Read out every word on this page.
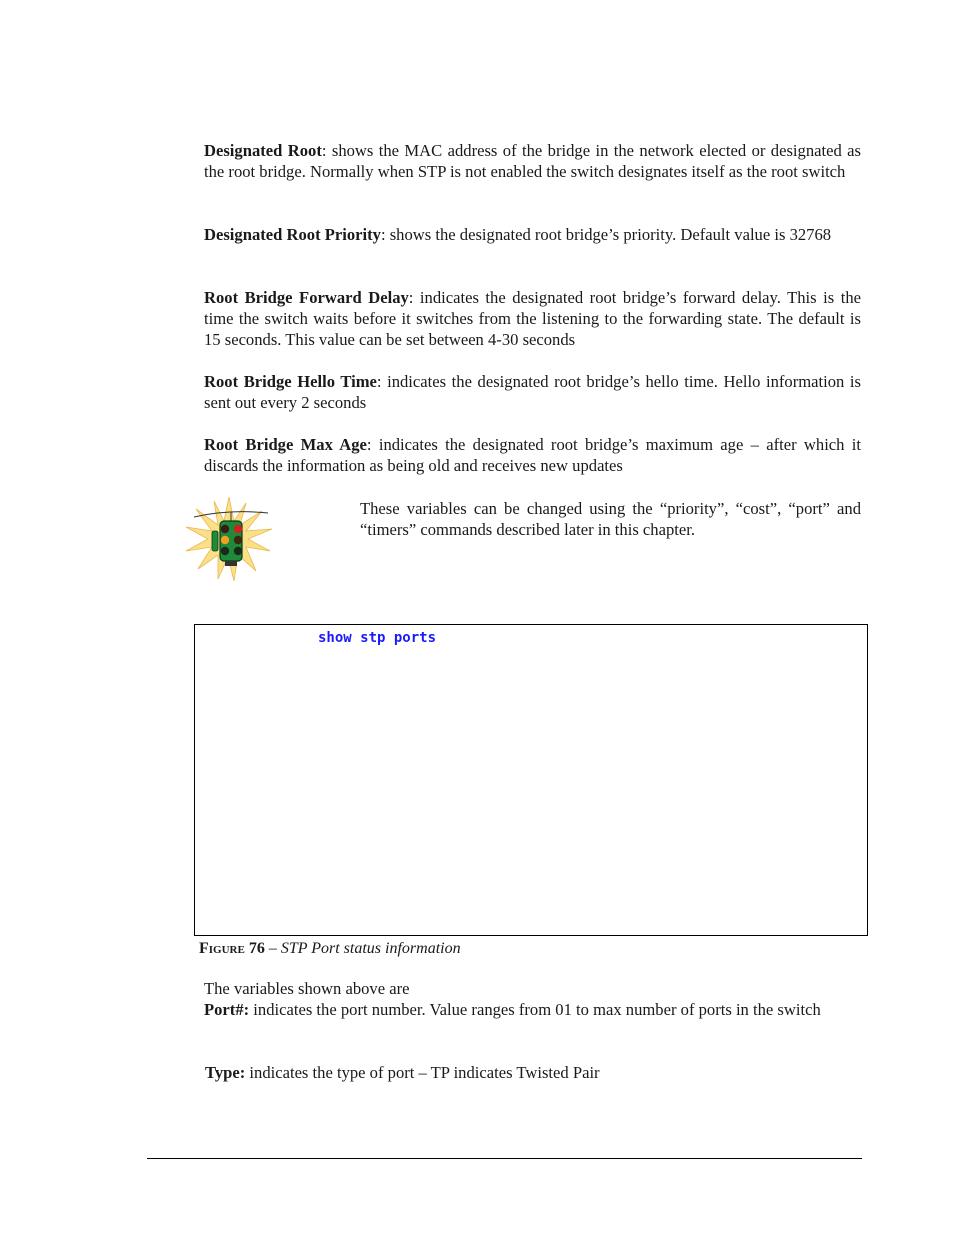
Designated Root: shows the MAC address of the bridge in the network elected or designated as the root bridge. Normally when STP is not enabled the switch designates itself as the root switch

Designated Root Priority: shows the designated root bridge’s priority. Default value is 32768

Root Bridge Forward Delay: indicates the designated root bridge’s forward delay. This is the time the switch waits before it switches from the listening to the forwarding state. The default is 15 seconds. This value can be set between 4-30 seconds

Root Bridge Hello Time: indicates the designated root bridge’s hello time. Hello information is sent out every 2 seconds

Root Bridge Max Age: indicates the designated root bridge’s maximum age – after which it discards the information as being old and receives new updates

These variables can be changed using the “priority”, “cost”, “port” and “timers” commands described later in this chapter.

show stp ports
Figure 76 – STP Port status information

The variables shown above are

Port#: indicates the port number. Value ranges from 01 to max number of ports in the switch

Type: indicates the type of port – TP indicates Twisted Pair
